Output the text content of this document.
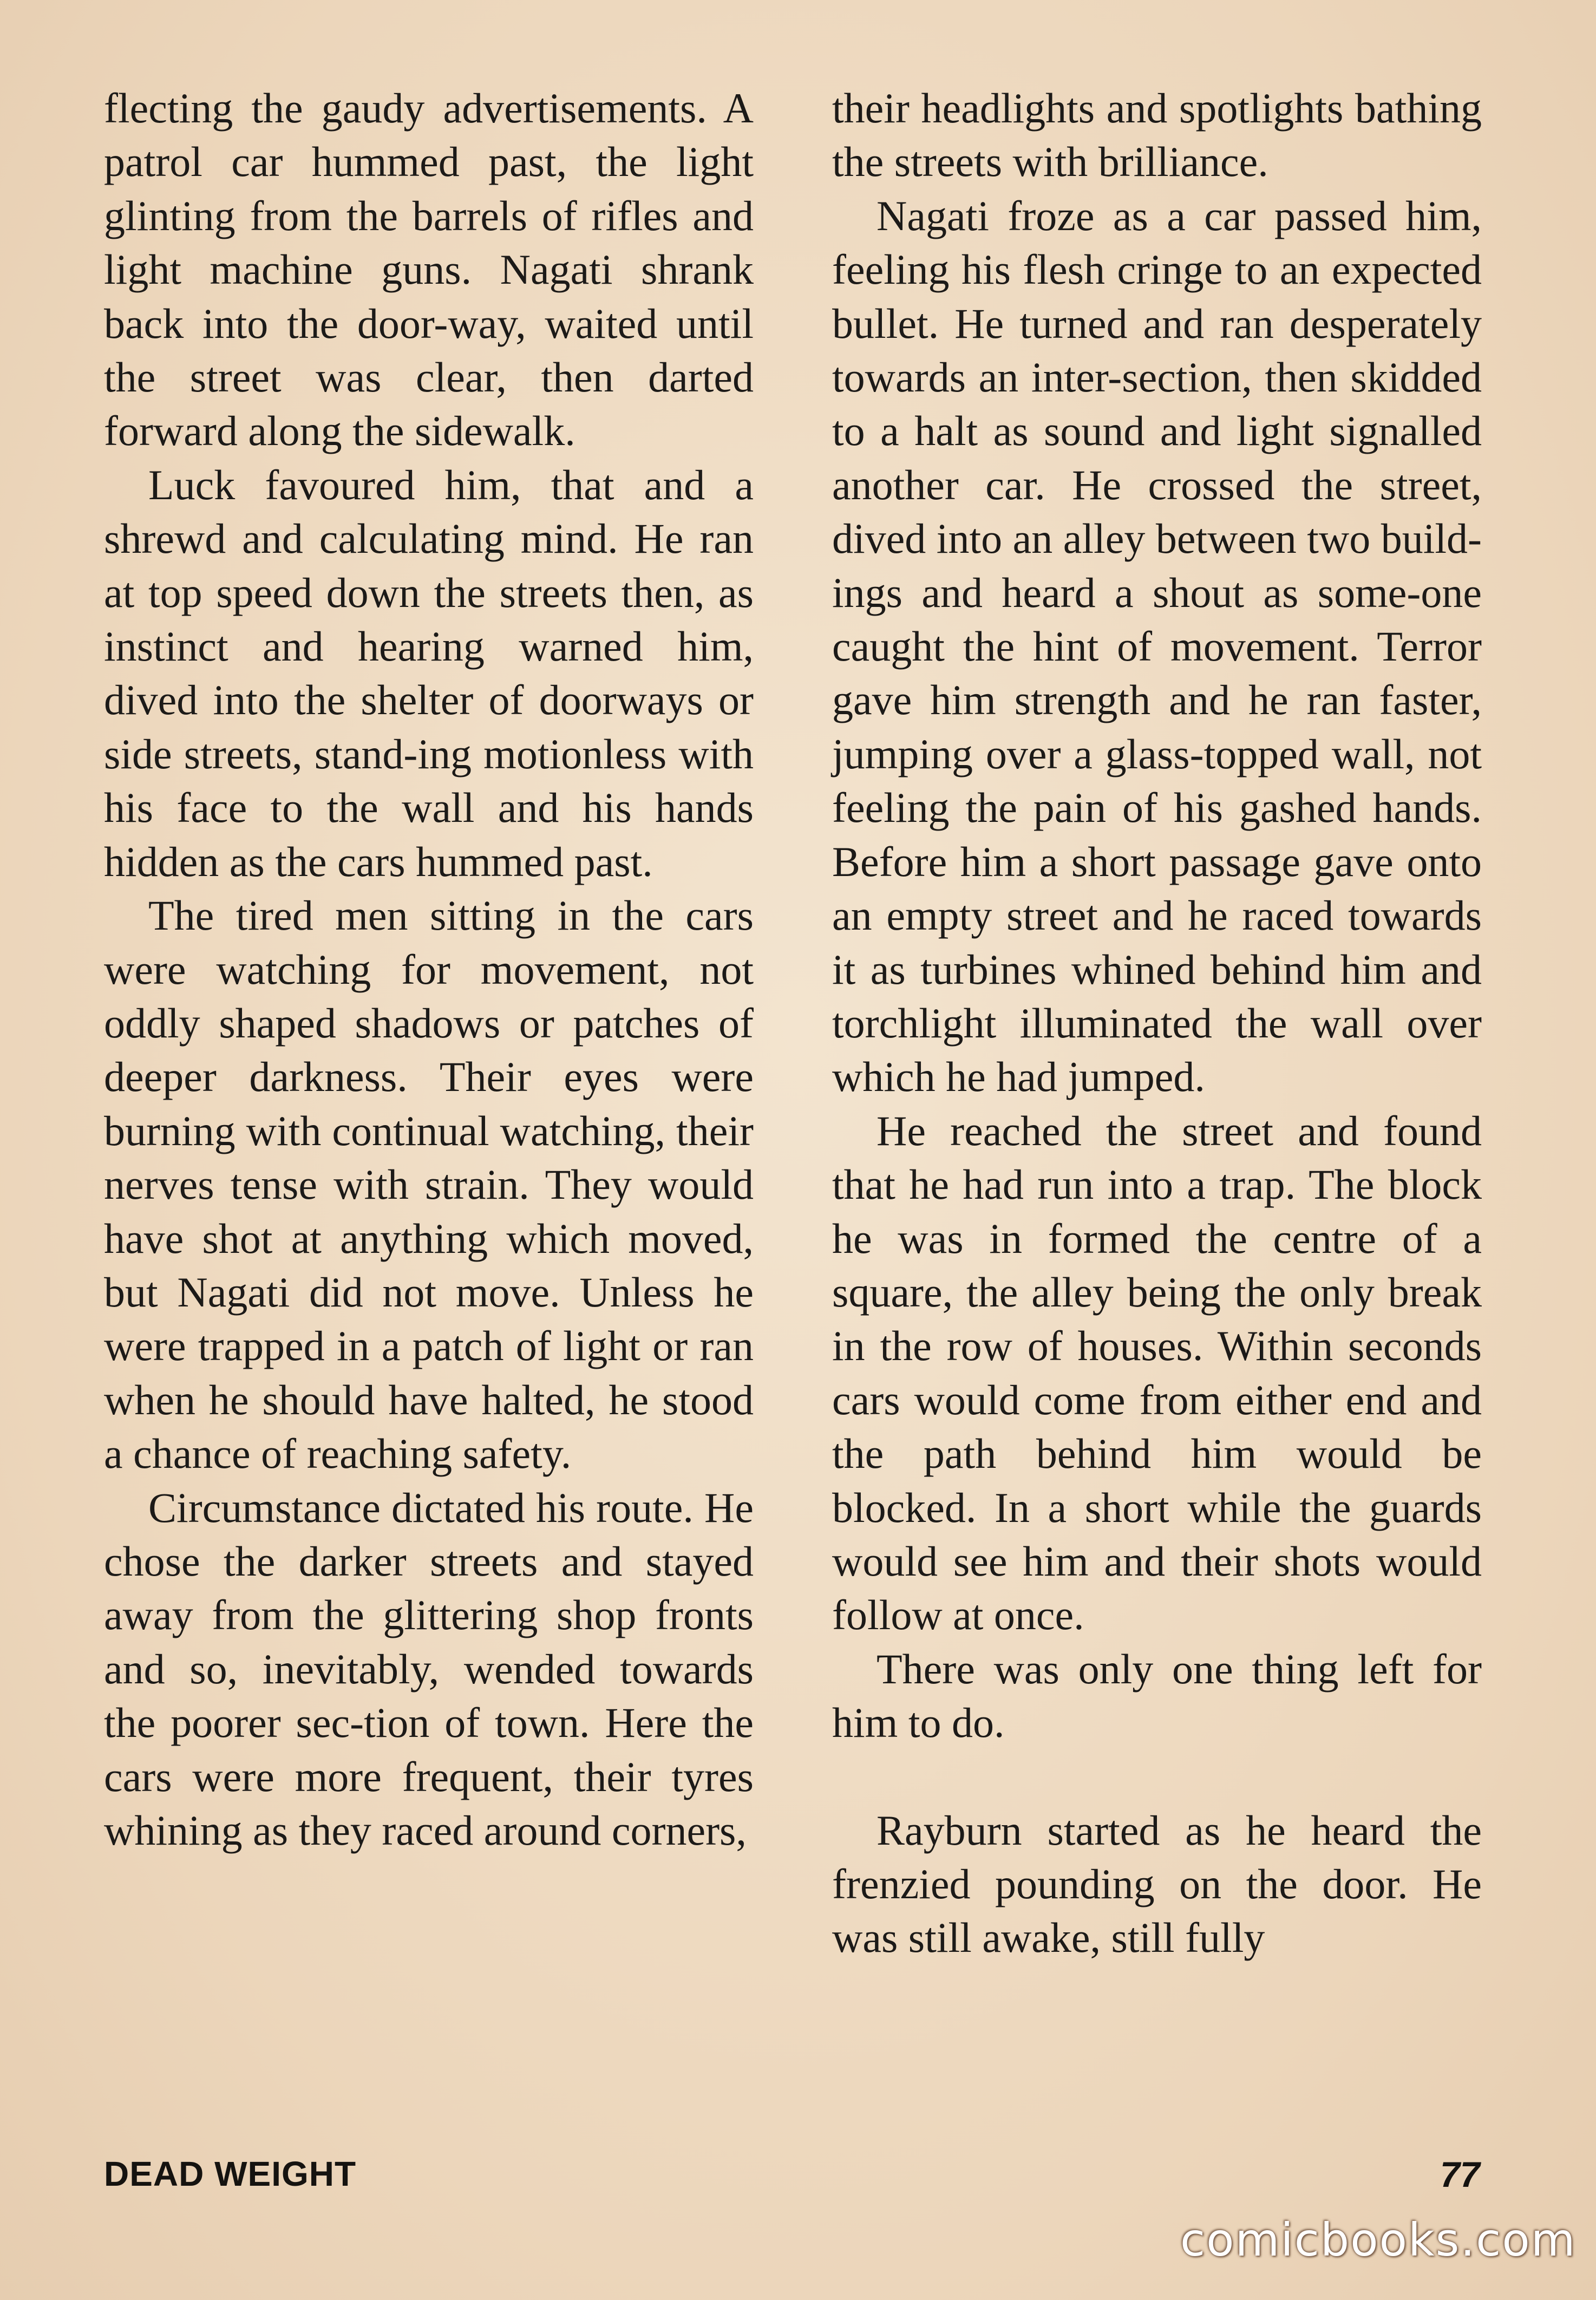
flecting the gaudy advertisements. A patrol car hummed past, the light glinting from the barrels of rifles and light machine guns. Nagati shrank back into the door-way, waited until the street was clear, then darted forward along the sidewalk.

Luck favoured him, that and a shrewd and calculating mind. He ran at top speed down the streets then, as instinct and hearing warned him, dived into the shelter of doorways or side streets, stand-ing motionless with his face to the wall and his hands hidden as the cars hummed past.

The tired men sitting in the cars were watching for movement, not oddly shaped shadows or patches of deeper darkness. Their eyes were burning with continual watching, their nerves tense with strain. They would have shot at anything which moved, but Nagati did not move. Unless he were trapped in a patch of light or ran when he should have halted, he stood a chance of reaching safety.

Circumstance dictated his route. He chose the darker streets and stayed away from the glittering shop fronts and so, inevitably, wended towards the poorer sec-tion of town. Here the cars were more frequent, their tyres whining as they raced around corners,

their headlights and spotlights bathing the streets with brilliance.

Nagati froze as a car passed him, feeling his flesh cringe to an expected bullet. He turned and ran desperately towards an inter-section, then skidded to a halt as sound and light signalled another car. He crossed the street, dived into an alley between two build-ings and heard a shout as some-one caught the hint of movement. Terror gave him strength and he ran faster, jumping over a glass-topped wall, not feeling the pain of his gashed hands. Before him a short passage gave onto an empty street and he raced towards it as turbines whined behind him and torchlight illuminated the wall over which he had jumped.

He reached the street and found that he had run into a trap. The block he was in formed the centre of a square, the alley being the only break in the row of houses. Within seconds cars would come from either end and the path behind him would be blocked. In a short while the guards would see him and their shots would follow at once.

There was only one thing left for him to do.

Rayburn started as he heard the frenzied pounding on the door. He was still awake, still fully

DEAD WEIGHT	77
comicbooks.com
